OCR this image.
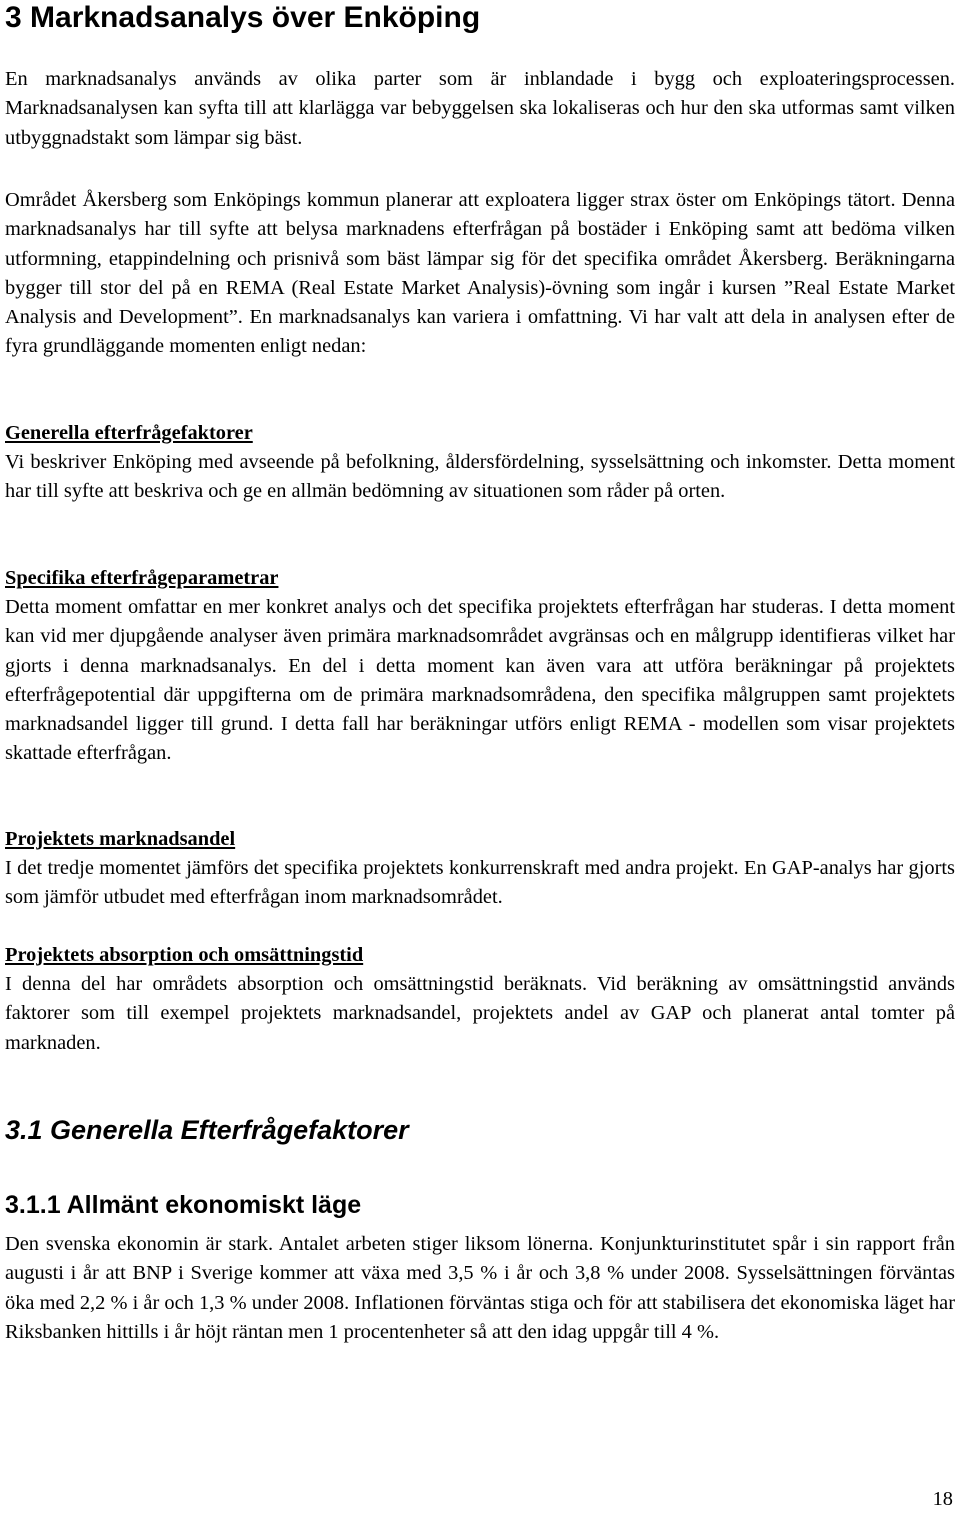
3 Marknadsanalys över Enköping

En marknadsanalys används av olika parter som är inblandade i bygg och exploateringsprocessen. Marknadsanalysen kan syfta till att klarlägga var bebyggelsen ska lokaliseras och hur den ska utformas samt vilken utbyggnadstakt som lämpar sig bäst.

Området Åkersberg som Enköpings kommun planerar att exploatera ligger strax öster om Enköpings tätort. Denna marknadsanalys har till syfte att belysa marknadens efterfrågan på bostäder i Enköping samt att bedöma vilken utformning, etappindelning och prisnivå som bäst lämpar sig för det specifika området Åkersberg. Beräkningarna bygger till stor del på en REMA (Real Estate Market Analysis)-övning som ingår i kursen ”Real Estate Market Analysis and Development”. En marknadsanalys kan variera i omfattning. Vi har valt att dela in analysen efter de fyra grundläggande momenten enligt nedan:

Generella efterfrågefaktorer

Vi beskriver Enköping med avseende på befolkning, åldersfördelning, sysselsättning och inkomster. Detta moment har till syfte att beskriva och ge en allmän bedömning av situationen som råder på orten.

Specifika efterfrågeparametrar

Detta moment omfattar en mer konkret analys och det specifika projektets efterfrågan har studeras. I detta moment kan vid mer djupgående analyser även primära marknadsområdet avgränsas och en målgrupp identifieras vilket har gjorts i denna marknadsanalys. En del i detta moment kan även vara att utföra beräkningar på projektets efterfrågepotential där uppgifterna om de primära marknadsområdena, den specifika målgruppen samt projektets marknadsandel ligger till grund. I detta fall har beräkningar utförs enligt REMA - modellen som visar projektets skattade efterfrågan.

Projektets marknadsandel

I det tredje momentet jämförs det specifika projektets konkurrenskraft med andra projekt. En GAP-analys har gjorts som jämför utbudet med efterfrågan inom marknadsområdet.

Projektets absorption och omsättningstid

I denna del har områdets absorption och omsättningstid beräknats. Vid beräkning av omsättningstid används faktorer som till exempel projektets marknadsandel, projektets andel av GAP och planerat antal tomter på marknaden.

3.1 Generella Efterfrågefaktorer
3.1.1 Allmänt ekonomiskt läge

Den svenska ekonomin är stark. Antalet arbeten stiger liksom lönerna. Konjunkturinstitutet spår i sin rapport från augusti i år att BNP i Sverige kommer att växa med 3,5 % i år och 3,8 % under 2008. Sysselsättningen förväntas öka med 2,2 % i år och 1,3 % under 2008. Inflationen förväntas stiga och för att stabilisera det ekonomiska läget har Riksbanken hittills i år höjt räntan men 1 procentenheter så att den idag uppgår till 4 %.

18
